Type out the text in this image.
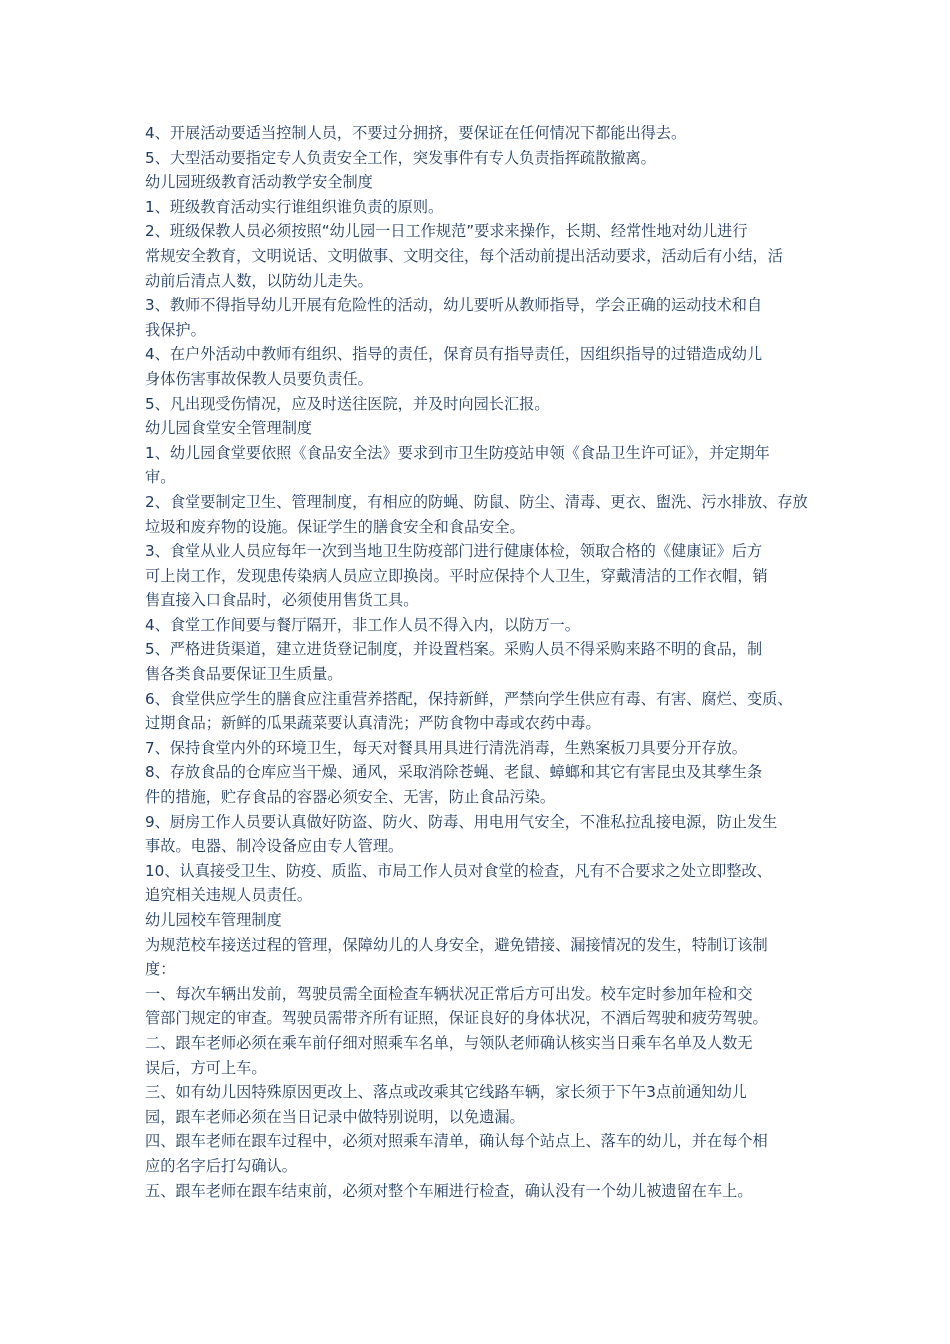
4、开展活动要适当控制人员，不要过分拥挤，要保证在任何情况下都能出得去。

5、大型活动要指定专人负责安全工作，突发事件有专人负责指挥疏散撤离。

幼儿园班级教育活动教学安全制度

1、班级教育活动实行谁组织谁负责的原则。

2、班级保教人员必须按照“幼儿园一日工作规范”要求来操作，长期、经常性地对幼儿进行

常规安全教育，文明说话、文明做事、文明交往，每个活动前提出活动要求，活动后有小结，活

动前后清点人数，以防幼儿走失。

3、教师不得指导幼儿开展有危险性的活动，幼儿要听从教师指导，学会正确的运动技术和自

我保护。

4、在户外活动中教师有组织、指导的责任，保育员有指导责任，因组织指导的过错造成幼儿

身体伤害事故保教人员要负责任。

5、凡出现受伤情况，应及时送往医院，并及时向园长汇报。

幼儿园食堂安全管理制度

1、幼儿园食堂要依照《食品安全法》要求到市卫生防疫站申领《食品卫生许可证》，并定期年

审。

2、食堂要制定卫生、管理制度，有相应的防蝇、防鼠、防尘、清毒、更衣、盥洗、污水排放、存放

垃圾和废弃物的设施。保证学生的膳食安全和食品安全。

3、食堂从业人员应每年一次到当地卫生防疫部门进行健康体检，领取合格的《健康证》后方

可上岗工作，发现患传染病人员应立即换岗。平时应保持个人卫生，穿戴清洁的工作衣帽，销

售直接入口食品时，必须使用售货工具。

4、食堂工作间要与餐厅隔开，非工作人员不得入内，以防万一。

5、严格进货渠道，建立进货登记制度，并设置档案。采购人员不得采购来路不明的食品，制

售各类食品要保证卫生质量。

6、食堂供应学生的膳食应注重营养搭配，保持新鲜，严禁向学生供应有毒、有害、腐烂、变质、

过期食品；新鲜的瓜果蔬菜要认真清洗；严防食物中毒或农药中毒。

7、保持食堂内外的环境卫生，每天对餐具用具进行清洗消毒，生熟案板刀具要分开存放。

8、存放食品的仓库应当干燥、通风，采取消除苍蝇、老鼠、蟑螂和其它有害昆虫及其孳生条

件的措施，贮存食品的容器必须安全、无害，防止食品污染。

9、厨房工作人员要认真做好防盗、防火、防毒、用电用气安全，不准私拉乱接电源，防止发生

事故。电器、制冷设备应由专人管理。

10、认真接受卫生、防疫、质监、市局工作人员对食堂的检查，凡有不合要求之处立即整改、

追究相关违规人员责任。

幼儿园校车管理制度

为规范校车接送过程的管理，保障幼儿的人身安全，避免错接、漏接情况的发生，特制订该制

度：

一、每次车辆出发前，驾驶员需全面检查车辆状况正常后方可出发。校车定时参加年检和交

管部门规定的审查。驾驶员需带齐所有证照，保证良好的身体状况，不酒后驾驶和疲劳驾驶。

二、跟车老师必须在乘车前仔细对照乘车名单，与领队老师确认核实当日乘车名单及人数无

误后，方可上车。

三、如有幼儿因特殊原因更改上、落点或改乘其它线路车辆，家长须于下午3点前通知幼儿

园，跟车老师必须在当日记录中做特别说明，以免遗漏。

四、跟车老师在跟车过程中，必须对照乘车清单，确认每个站点上、落车的幼儿，并在每个相

应的名字后打勾确认。

五、跟车老师在跟车结束前，必须对整个车厢进行检查，确认没有一个幼儿被遗留在车上。
